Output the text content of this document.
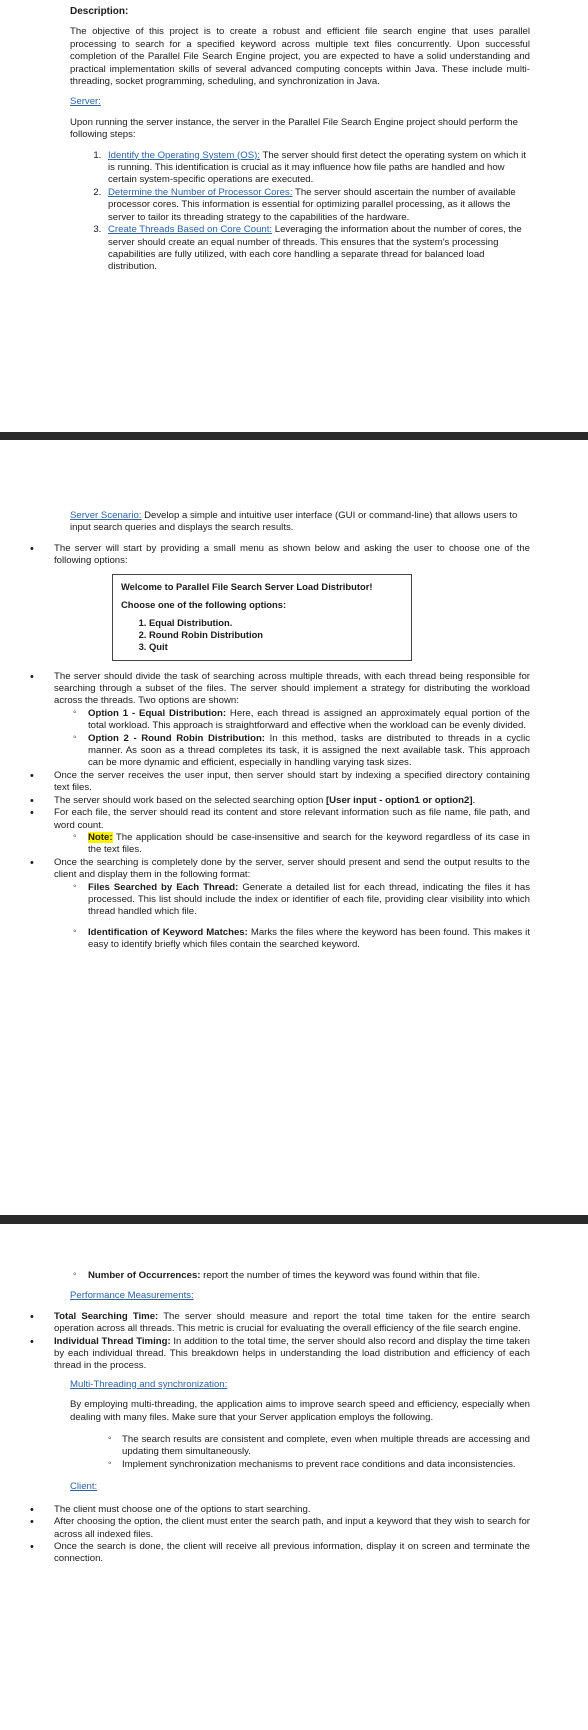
Description:

The objective of this project is to create a robust and efficient file search engine that uses parallel processing to search for a specified keyword across multiple text files concurrently. Upon successful completion of the Parallel File Search Engine project, you are expected to have a solid understanding and practical implementation skills of several advanced computing concepts within Java. These include multi-threading, socket programming, scheduling, and synchronization in Java.

Server:

Upon running the server instance, the server in the Parallel File Search Engine project should perform the following steps:

1. Identify the Operating System (OS): The server should first detect the operating system on which it is running. This identification is crucial as it may influence how file paths are handled and how certain system-specific operations are executed.
2. Determine the Number of Processor Cores: The server should ascertain the number of available processor cores. This information is essential for optimizing parallel processing, as it allows the server to tailor its threading strategy to the capabilities of the hardware.
3. Create Threads Based on Core Count: Leveraging the information about the number of cores, the server should create an equal number of threads. This ensures that the system's processing capabilities are fully utilized, with each core handling a separate thread for balanced load distribution.

Server Scenario: Develop a simple and intuitive user interface (GUI or command-line) that allows users to input search queries and displays the search results.

• The server will start by providing a small menu as shown below and asking the user to choose one of the following options:
Welcome to Parallel File Search Server Load Distributor!
Choose one of the following options:
1. Equal Distribution.
2. Round Robin Distribution
3. Quit
• The server should divide the task of searching across multiple threads, with each thread being responsible for searching through a subset of the files. The server should implement a strategy for distributing the workload across the threads. Two options are shown:
◦ Option 1 - Equal Distribution: Here, each thread is assigned an approximately equal portion of the total workload. This approach is straightforward and effective when the workload can be evenly divided.
◦ Option 2 - Round Robin Distribution: In this method, tasks are distributed to threads in a cyclic manner. As soon as a thread completes its task, it is assigned the next available task. This approach can be more dynamic and efficient, especially in handling varying task sizes.
• Once the server receives the user input, then server should start by indexing a specified directory containing text files.
• The server should work based on the selected searching option [User input - option1 or option2].
• For each file, the server should read its content and store relevant information such as file name, file path, and word count.
◦ Note: The application should be case-insensitive and search for the keyword regardless of its case in the text files.
• Once the searching is completely done by the server, server should present and send the output results to the client and display them in the following format:
◦ Files Searched by Each Thread: Generate a detailed list for each thread, indicating the files it has processed. This list should include the index or identifier of each file, providing clear visibility into which thread handled which file.
◦ Identification of Keyword Matches: Marks the files where the keyword has been found. This makes it easy to identify briefly which files contain the searched keyword.
◦ Number of Occurrences: report the number of times the keyword was found within that file.

Performance Measurements:

• Total Searching Time: The server should measure and report the total time taken for the entire search operation across all threads. This metric is crucial for evaluating the overall efficiency of the file search engine.
• Individual Thread Timing: In addition to the total time, the server should also record and display the time taken by each individual thread. This breakdown helps in understanding the load distribution and efficiency of each thread in the process.

Multi-Threading and synchronization:

By employing multi-threading, the application aims to improve search speed and efficiency, especially when dealing with many files. Make sure that your Server application employs the following.

◦ The search results are consistent and complete, even when multiple threads are accessing and updating them simultaneously.
◦ Implement synchronization mechanisms to prevent race conditions and data inconsistencies.

Client:

• The client must choose one of the options to start searching.
• After choosing the option, the client must enter the search path, and input a keyword that they wish to search for across all indexed files.
• Once the search is done, the client will receive all previous information, display it on screen and terminate the connection.
